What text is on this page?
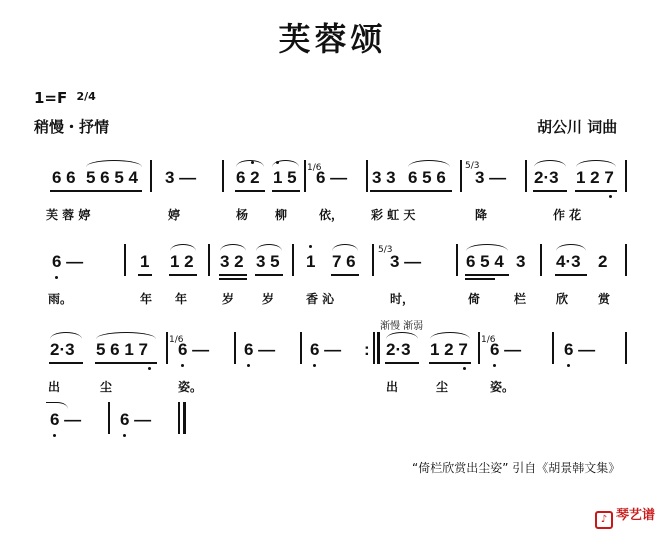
芙蓉颂
1=F $^{2/4}$
稍慢・抒情	胡公川 词曲
6 6 5 6 5 4 3 — 6 2 1 5 1/6
6 — 3 3 6 5 6
5/3
3 — 2·3 1 2 7
芙 蓉 婷	婷	杨 柳	依， 彩 虹 天	降	作 花
6 —	1 1 2 3 2 3 5 1 7 6
5/3
3 —	6 5 4 3 4·3 2
雨。	年 年	岁 岁	香 沁	时，	倚	栏 欣 赏
渐慢 渐弱
2·3 5 6 1 7 1/6
6 — 6 — 6 — : 2·3 1 2 7 1/6
6 —	6 —
出	尘	姿。	出	尘	姿。
6 — 6 —
“倚栏欣赏出尘姿” 引自《胡景韩文集》
♪ 琴艺谱
